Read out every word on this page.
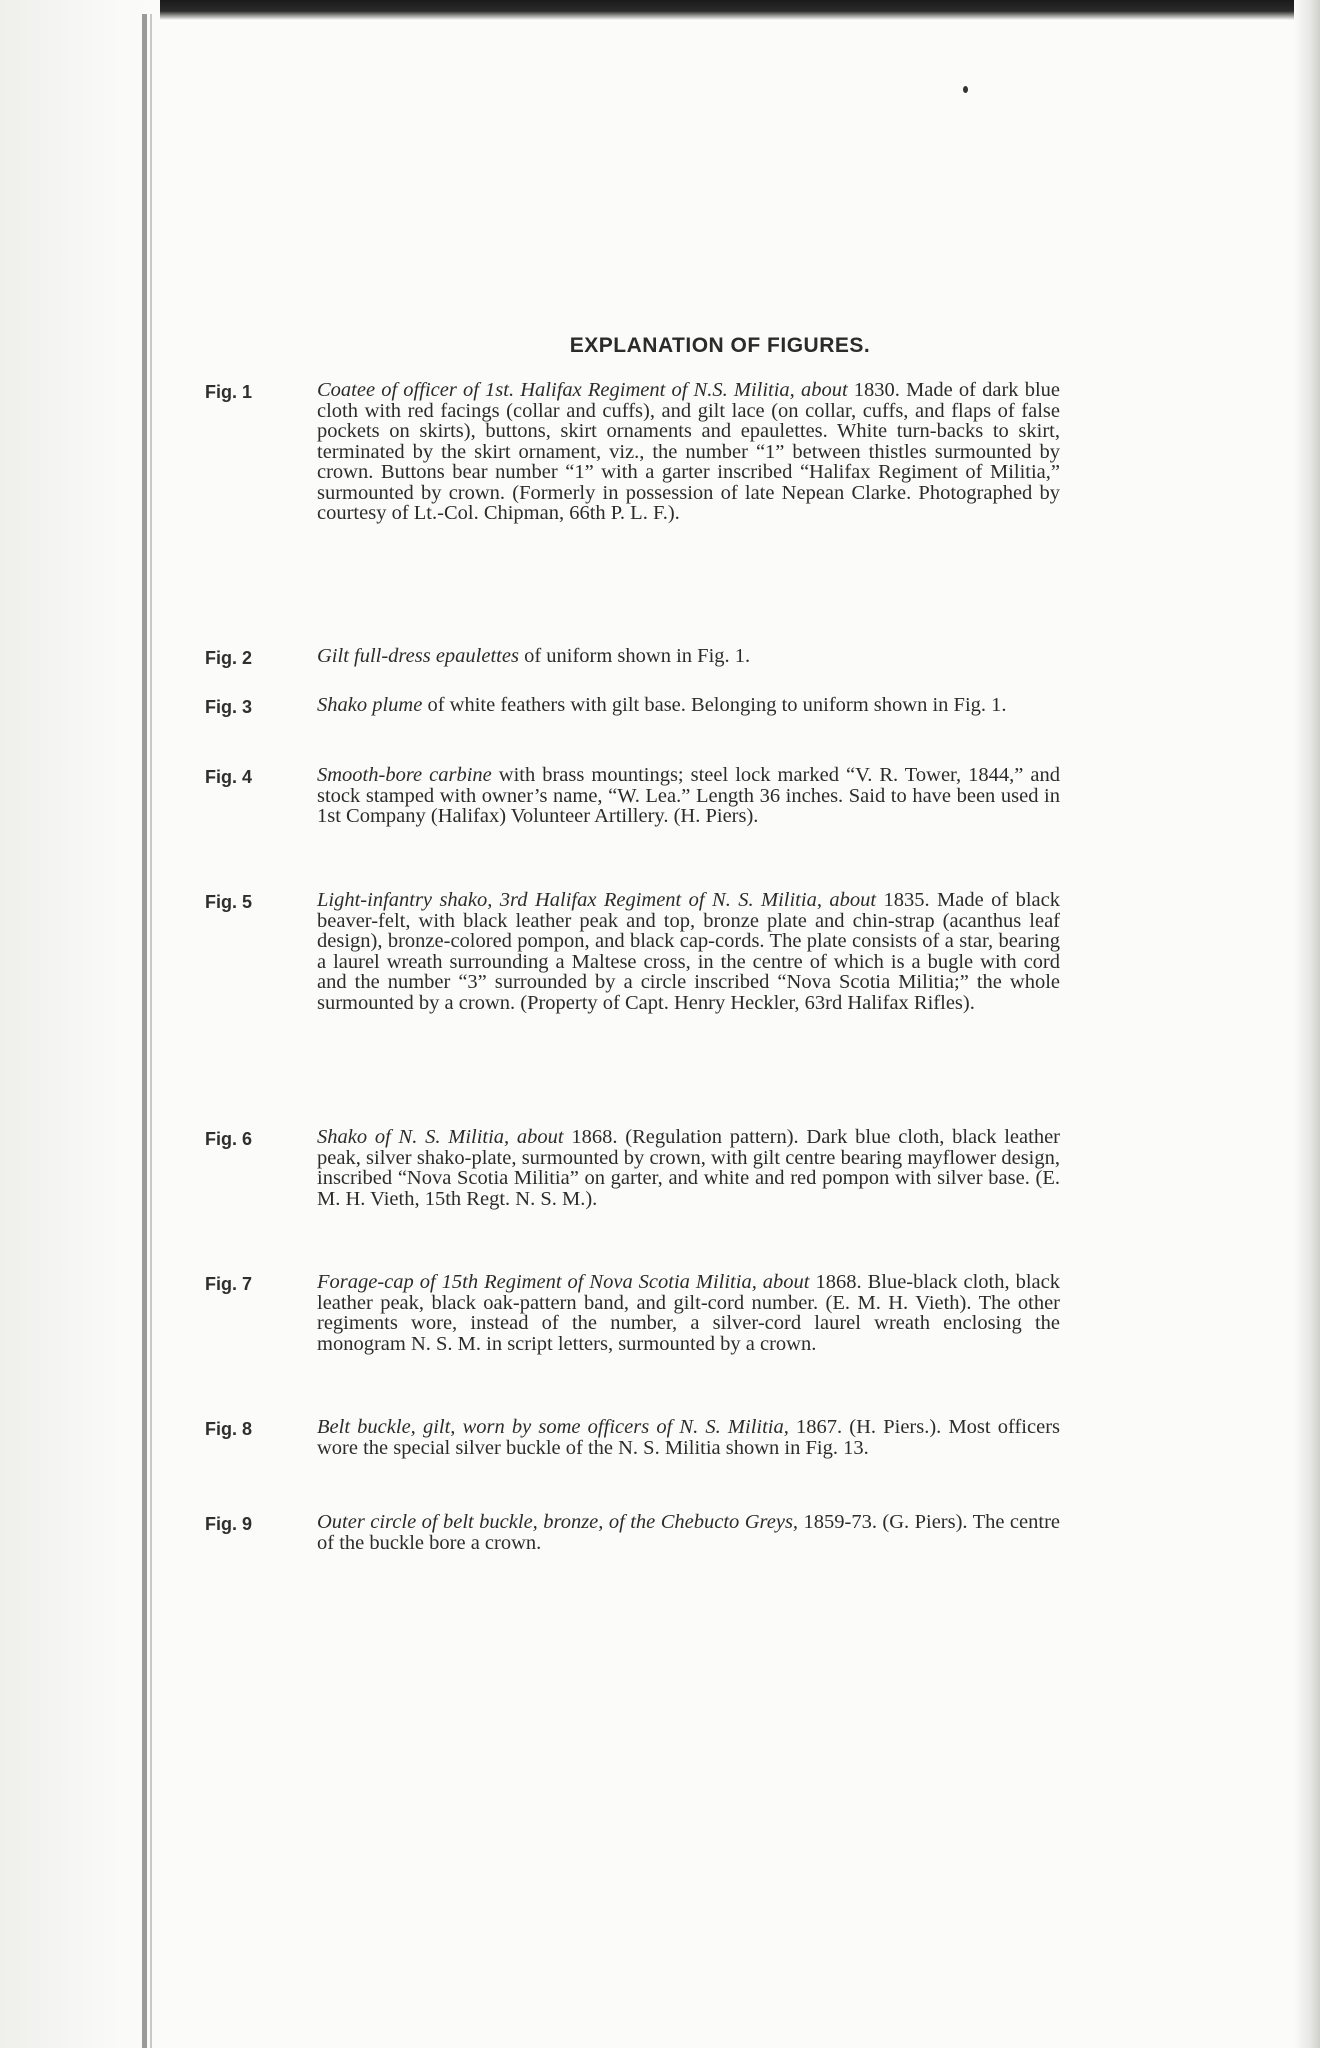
EXPLANATION OF FIGURES.
Fig. 1	Coatee of officer of 1st. Halifax Regiment of N.S. Militia, about 1830. Made of dark blue cloth with red facings (collar and cuffs), and gilt lace (on collar, cuffs, and flaps of false pockets on skirts), buttons, skirt ornaments and epaulettes. White turn-backs to skirt, terminated by the skirt ornament, viz., the number “1” between thistles surmounted by crown. Buttons bear number “1” with a garter inscribed “Halifax Regiment of Militia,” surmounted by crown. (Formerly in possession of late Nepean Clarke. Photographed by courtesy of Lt.-Col. Chipman, 66th P. L. F.).
Fig. 2	Gilt full-dress epaulettes of uniform shown in Fig. 1.
Fig. 3	Shako plume of white feathers with gilt base. Belonging to uniform shown in Fig. 1.
Fig. 4	Smooth-bore carbine with brass mountings; steel lock marked “V. R. Tower, 1844,” and stock stamped with owner’s name, “W. Lea.” Length 36 inches. Said to have been used in 1st Company (Halifax) Volunteer Artillery. (H. Piers).
Fig. 5	Light-infantry shako, 3rd Halifax Regiment of N. S. Militia, about 1835. Made of black beaver-felt, with black leather peak and top, bronze plate and chin-strap (acanthus leaf design), bronze-colored pompon, and black cap-cords. The plate consists of a star, bearing a laurel wreath surrounding a Maltese cross, in the centre of which is a bugle with cord and the number “3” surrounded by a circle inscribed “Nova Scotia Militia;” the whole surmounted by a crown. (Property of Capt. Henry Heckler, 63rd Halifax Rifles).
Fig. 6	Shako of N. S. Militia, about 1868. (Regulation pattern). Dark blue cloth, black leather peak, silver shako-plate, surmounted by crown, with gilt centre bearing mayflower design, inscribed “Nova Scotia Militia” on garter, and white and red pompon with silver base. (E. M. H. Vieth, 15th Regt. N. S. M.).
Fig. 7	Forage-cap of 15th Regiment of Nova Scotia Militia, about 1868. Blue-black cloth, black leather peak, black oak-pattern band, and gilt-cord number. (E. M. H. Vieth). The other regiments wore, instead of the number, a silver-cord laurel wreath enclosing the monogram N. S. M. in script letters, surmounted by a crown.
Fig. 8	Belt buckle, gilt, worn by some officers of N. S. Militia, 1867. (H. Piers.). Most officers wore the special silver buckle of the N. S. Militia shown in Fig. 13.
Fig. 9	Outer circle of belt buckle, bronze, of the Chebucto Greys, 1859-73. (G. Piers). The centre of the buckle bore a crown.
